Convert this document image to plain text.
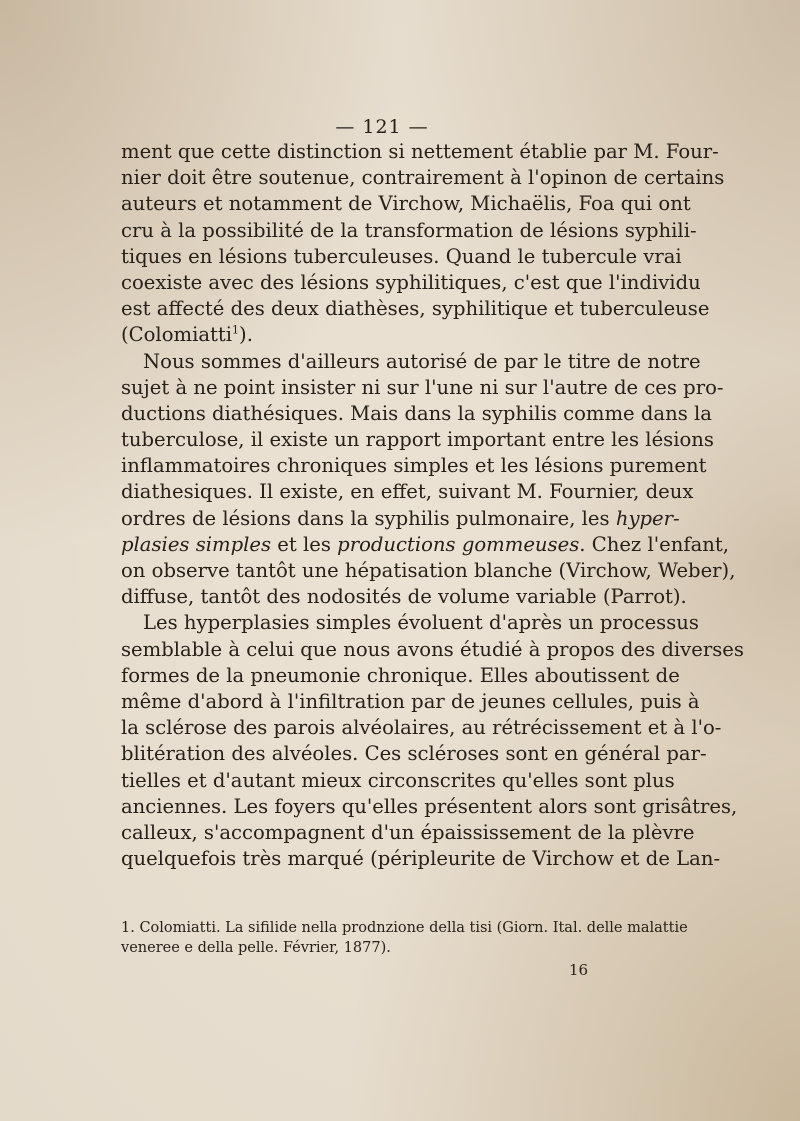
— 121 —
ment que cette distinction si nettement établie par M. Four-
nier doit être soutenue, contrairement à l'opinon de certains
auteurs et notamment de Virchow, Michaëlis, Foa qui ont
cru à la possibilité de la transformation de lésions syphili-
tiques en lésions tuberculeuses. Quand le tubercule vrai
coexiste avec des lésions syphilitiques, c'est que l'individu
est affecté des deux diathèses, syphilitique et tuberculeuse
(Colomiatti$^1$).
Nous sommes d'ailleurs autorisé de par le titre de notre
sujet à ne point insister ni sur l'une ni sur l'autre de ces pro-
ductions diathésiques. Mais dans la syphilis comme dans la
tuberculose, il existe un rapport important entre les lésions
inflammatoires chroniques simples et les lésions purement
diathesiques. Il existe, en effet, suivant M. Fournier, deux
ordres de lésions dans la syphilis pulmonaire, les hyper-
plasies simples et les productions gommeuses. Chez l'enfant,
on observe tantôt une hépatisation blanche (Virchow, Weber),
diffuse, tantôt des nodosités de volume variable (Parrot).
Les hyperplasies simples évoluent d'après un processus
semblable à celui que nous avons étudié à propos des diverses
formes de la pneumonie chronique. Elles aboutissent de
même d'abord à l'infiltration par de jeunes cellules, puis à
la sclérose des parois alvéolaires, au rétrécissement et à l'o-
blitération des alvéoles. Ces scléroses sont en général par-
tielles et d'autant mieux circonscrites qu'elles sont plus
anciennes. Les foyers qu'elles présentent alors sont grisâtres,
calleux, s'accompagnent d'un épaississement de la plèvre
quelquefois très marqué (péripleurite de Virchow et de Lan-
1. Colomiatti. La sifilide nella prodnzione della tisi (Giorn. Ital. delle malattie
veneree e della pelle. Février, 1877).
16
